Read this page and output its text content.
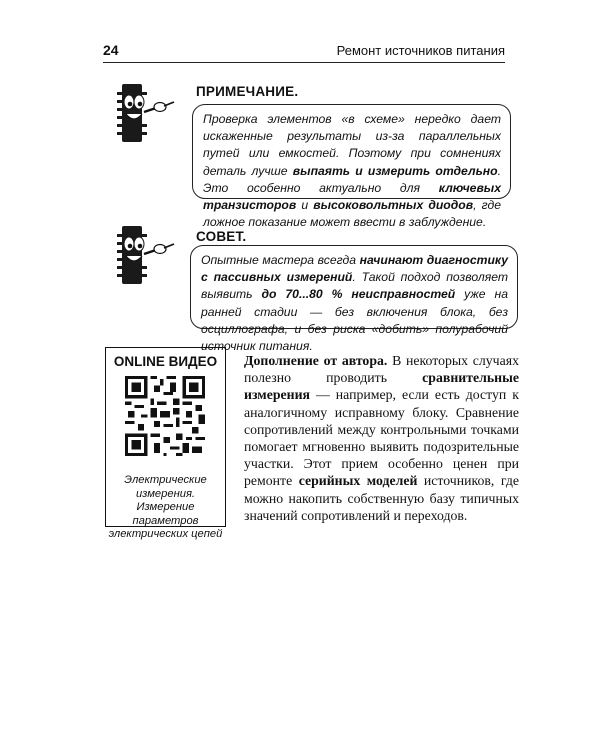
24	Ремонт источников питания
ПРИМЕЧАНИЕ.
Проверка элементов «в схеме» нередко дает искаженные результаты из-за параллельных путей или емкостей. Поэтому при сомнениях деталь лучше выпаять и измерить отдельно. Это особенно актуально для ключевых транзисторов и высоковольтных диодов, где ложное показание может ввести в заблуждение.
СОВЕТ.
Опытные мастера всегда начинают диагностику с пассивных измерений. Такой подход позволяет выявить до 70...80 % неисправностей уже на ранней стадии — без включения блока, без осциллографа, и без риска «добить» полурабочий источник питания.
ONLINE ВИДЕО
Электрические измерения. Измерение параметров электрических цепей
Дополнение от автора. В некоторых случаях полезно проводить сравнительные измерения — например, если есть доступ к аналогичному исправному блоку. Сравнение сопротивлений между контрольными точками помогает мгновенно выявить подозрительные участки. Этот прием особенно ценен при ремонте серийных моделей источников, где можно накопить собственную базу типичных значений сопротивлений и переходов.
